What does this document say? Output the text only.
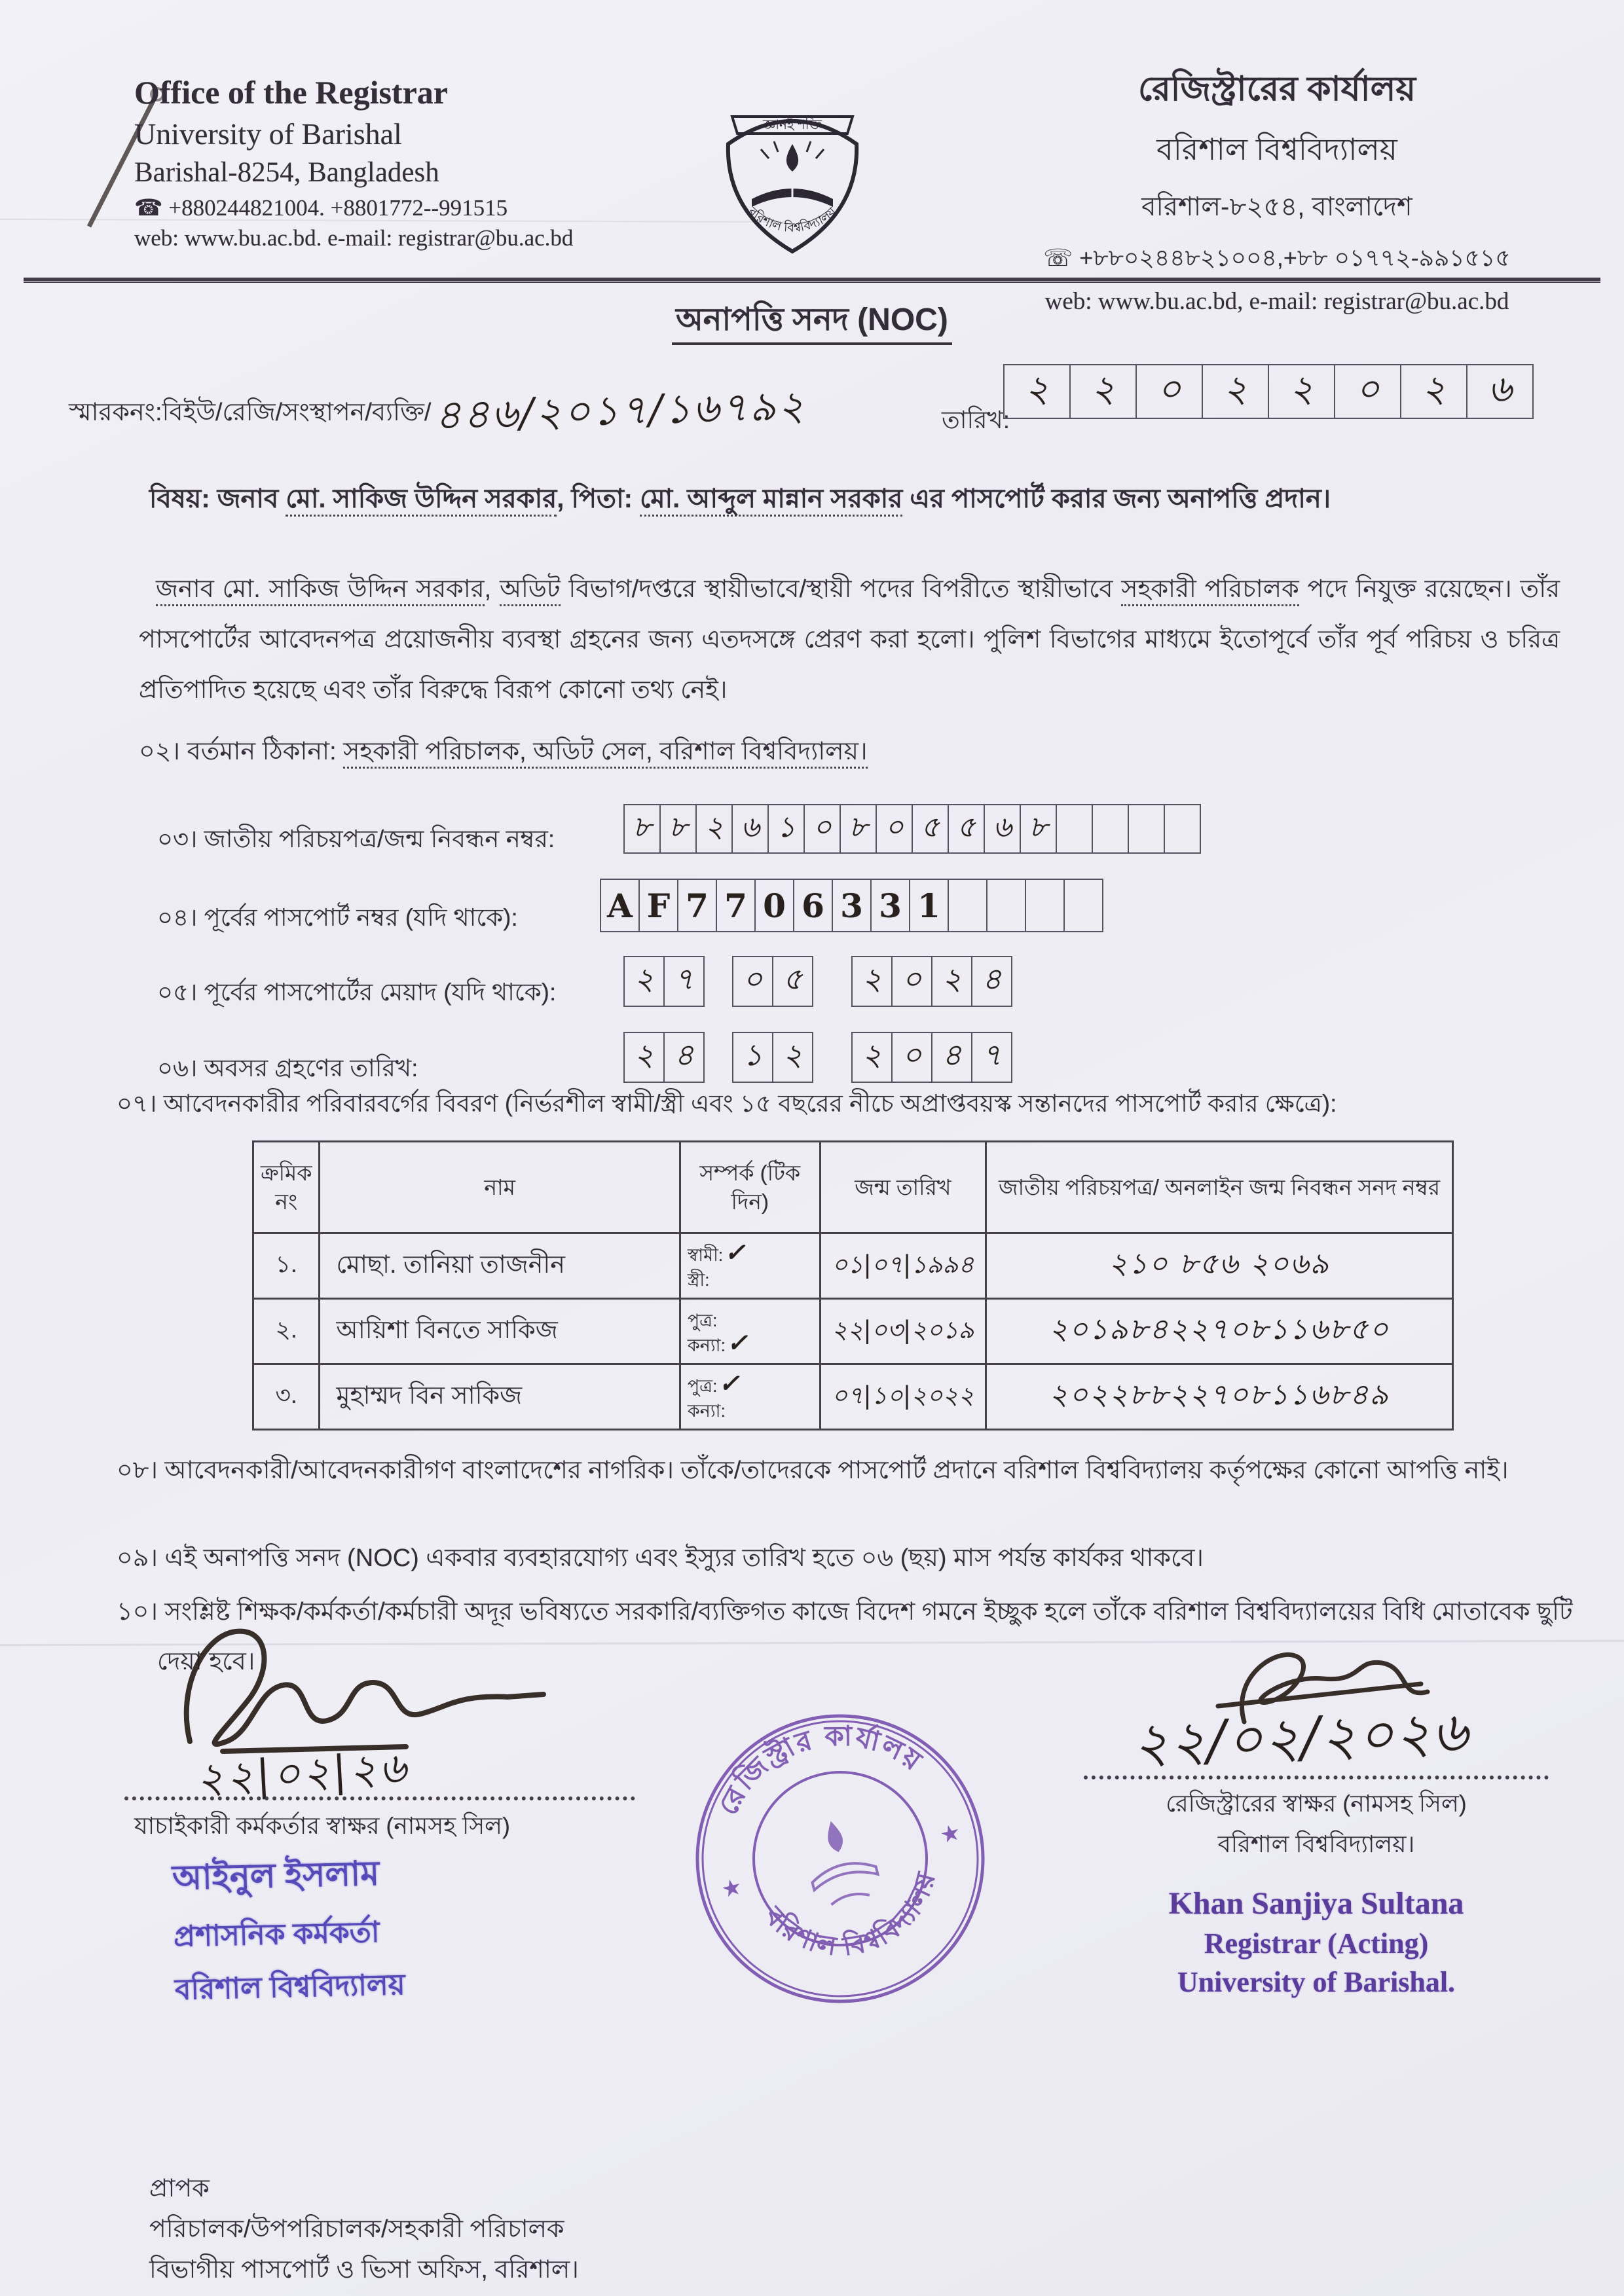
Office of the Registrar
University of Barishal
Barishal-8254, Bangladesh
☎ +880244821004. +8801772--991515
web: www.bu.ac.bd. e-mail: registrar@bu.ac.bd
জ্ঞানই শক্তি
বরিশাল বিশ্ববিদ্যালয়
রেজিস্ট্রারের কার্যালয়
বরিশাল বিশ্ববিদ্যালয়
বরিশাল-৮২৫৪, বাংলাদেশ
☏ +৮৮০২৪৪৮২১০০৪,+৮৮ ০১৭৭২-৯৯১৫১৫
web: www.bu.ac.bd, e-mail: registrar@bu.ac.bd
অনাপত্তি সনদ (NOC)
স্মারকনং:বিইউ/রেজি/সংস্থাপন/ব্যক্তি/ ৪৪৬/২০১৭/১৬৭৯২	তারিখ:
২	২	০	২	২	০	২	৬
বিষয়: জনাব মো. সাকিজ উদ্দিন সরকার, পিতা: মো. আব্দুল মান্নান সরকার এর পাসপোর্ট করার জন্য অনাপত্তি প্রদান।
জনাব মো. সাকিজ উদ্দিন সরকার, অডিট বিভাগ/দপ্তরে স্থায়ীভাবে/স্থায়ী পদের বিপরীতে স্থায়ীভাবে সহকারী পরিচালক পদে নিযুক্ত রয়েছেন। তাঁর পাসপোর্টের আবেদনপত্র প্রয়োজনীয় ব্যবস্থা গ্রহনের জন্য এতদসঙ্গে প্রেরণ করা হলো। পুলিশ বিভাগের মাধ্যমে ইতোপূর্বে তাঁর পূর্ব পরিচয় ও চরিত্র প্রতিপাদিত হয়েছে এবং তাঁর বিরুদ্ধে বিরূপ কোনো তথ্য নেই।
০২। বর্তমান ঠিকানা: সহকারী পরিচালক, অডিট সেল, বরিশাল বিশ্ববিদ্যালয়।
০৩। জাতীয় পরিচয়পত্র/জন্ম নিবন্ধন নম্বর:	৮ ৮ ২ ৬ ১ ০ ৮ ০ ৫ ৫ ৬ ৮
০৪। পূর্বের পাসপোর্ট নম্বর (যদি থাকে):	A F 7 7 0 6 3 3 1
০৫। পূর্বের পাসপোর্টের মেয়াদ (যদি থাকে):	২ ৭	০ ৫	২ ০ ২ ৪
০৬। অবসর গ্রহণের তারিখ:	২ ৪	১ ২	২ ০ ৪ ৭
০৭। আবেদনকারীর পরিবারবর্গের বিবরণ (নির্ভরশীল স্বামী/স্ত্রী এবং ১৫ বছরের নীচে অপ্রাপ্তবয়স্ক সন্তানদের পাসপোর্ট করার ক্ষেত্রে):
ক্রমিক নং	নাম	সম্পর্ক (টিক দিন)	জন্ম তারিখ	জাতীয় পরিচয়পত্র/ অনলাইন জন্ম নিবন্ধন সনদ নম্বর
১.	মোছা. তানিয়া তাজনীন	স্বামী:✓
স্ত্রী:	০১|০৭|১৯৯৪	২১০ ৮৫৬ ২০৬৯
২.	আয়িশা বিনতে সাকিজ	পুত্র:
কন্যা:✓	২২|০৩|২০১৯	২০১৯৮৪২২৭০৮১১৬৮৫০
৩.	মুহাম্মদ বিন সাকিজ	পুত্র:✓
কন্যা:	০৭|১০|২০২২	২০২২৮৮২২৭০৮১১৬৮৪৯
০৮। আবেদনকারী/আবেদনকারীগণ বাংলাদেশের নাগরিক। তাঁকে/তাদেরকে পাসপোর্ট প্রদানে বরিশাল বিশ্ববিদ্যালয় কর্তৃপক্ষের কোনো আপত্তি নাই।
০৯। এই অনাপত্তি সনদ (NOC) একবার ব্যবহারযোগ্য এবং ইস্যুর তারিখ হতে ০৬ (ছয়) মাস পর্যন্ত কার্যকর থাকবে।
১০। সংশ্লিষ্ট শিক্ষক/কর্মকর্তা/কর্মচারী অদূর ভবিষ্যতে সরকারি/ব্যক্তিগত কাজে বিদেশ গমনে ইচ্ছুক হলে তাঁকে বরিশাল বিশ্ববিদ্যালয়ের বিধি মোতাবেক ছুটি দেয়া হবে।
২২|০২|২৬
যাচাইকারী কর্মকর্তার স্বাক্ষর (নামসহ সিল)
আইনুল ইসলাম
প্রশাসনিক কর্মকর্তা
বরিশাল বিশ্ববিদ্যালয়
রেজিস্ট্রার কার্যালয়
বরিশাল বিশ্ববিদ্যালয়
★
★
২২/০২/২০২৬
রেজিস্ট্রারের স্বাক্ষর (নামসহ সিল)
বরিশাল বিশ্ববিদ্যালয়।
Khan Sanjiya Sultana
Registrar (Acting)
University of Barishal.
প্রাপক
পরিচালক/উপপরিচালক/সহকারী পরিচালক
বিভাগীয় পাসপোর্ট ও ভিসা অফিস, বরিশাল।
